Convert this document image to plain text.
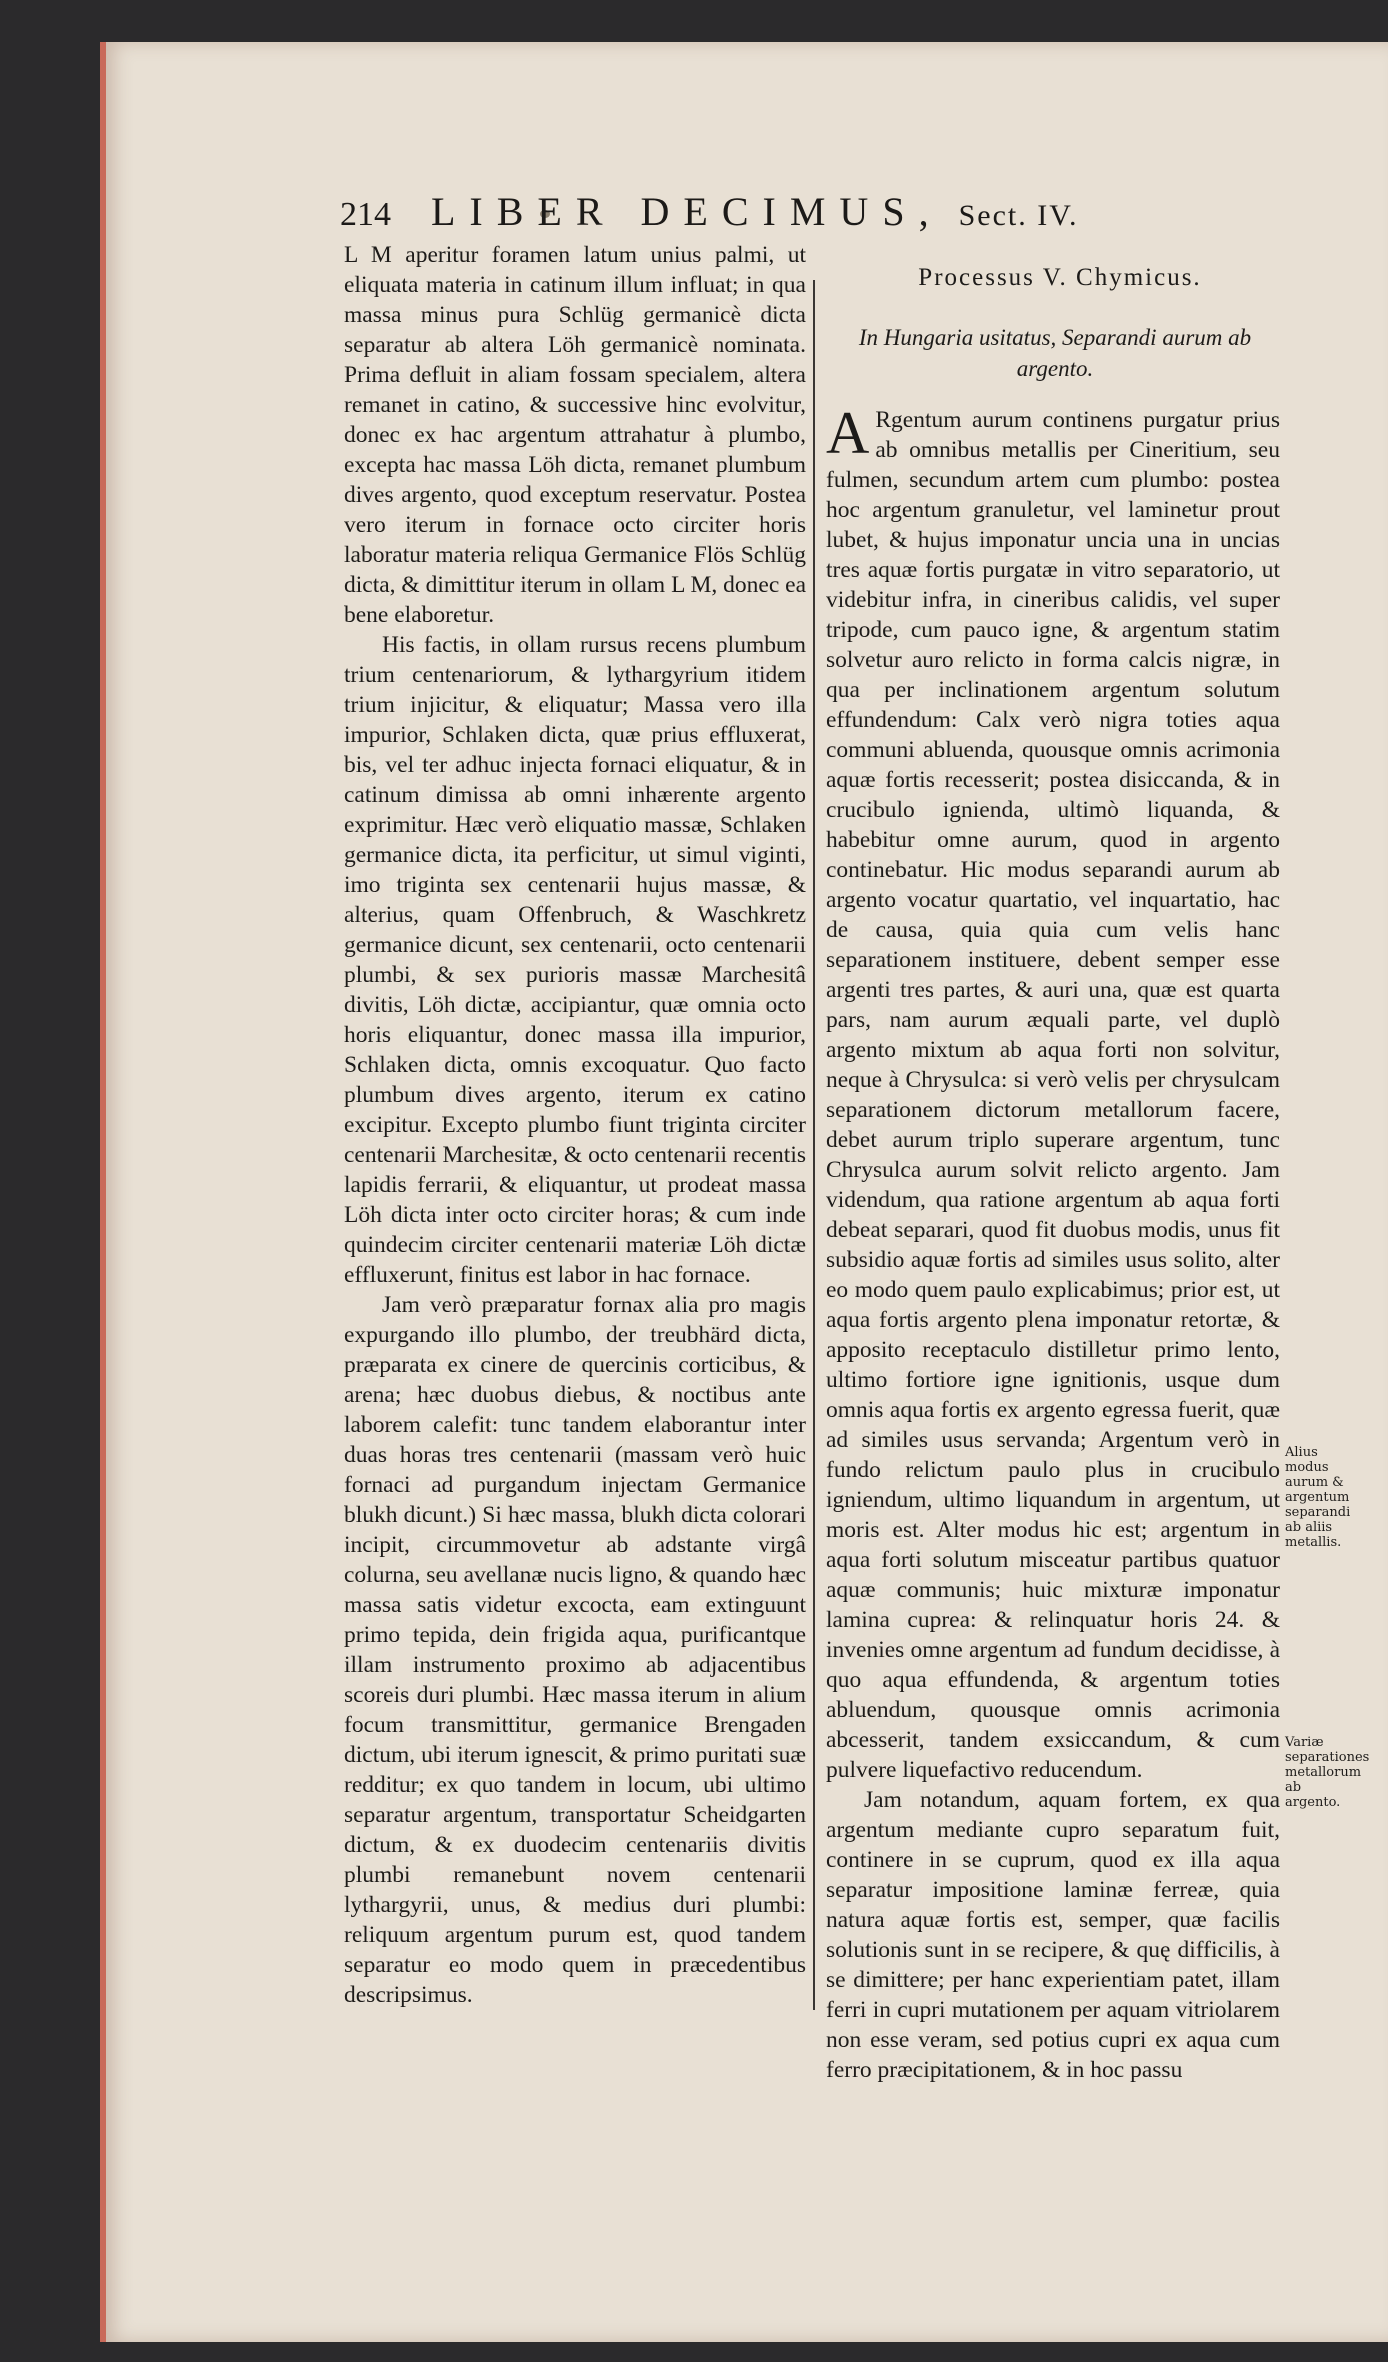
214 LIBER DECIMUS, Sect. IV.

L M aperitur foramen latum unius palmi, ut eliquata materia in catinum illum influat; in qua massa minus pura Schlüg germanicè dicta separatur ab altera Löh germanicè nominata. Prima defluit in aliam fossam specialem, altera remanet in catino, & successive hinc evolvitur, donec ex hac argentum attrahatur à plumbo, excepta hac massa Löh dicta, remanet plumbum dives argento, quod exceptum reservatur. Postea vero iterum in fornace octo circiter horis laboratur materia reliqua Germanice Flös Schlüg dicta, & dimittitur iterum in ollam L M, donec ea bene elaboretur.

His factis, in ollam rursus recens plumbum trium centenariorum, & lythargyrium itidem trium injicitur, & eliquatur; Massa vero illa impurior, Schlaken dicta, quæ prius effluxerat, bis, vel ter adhuc injecta fornaci eliquatur, & in catinum dimissa ab omni inhærente argento exprimitur. Hæc verò eliquatio massæ, Schlaken germanice dicta, ita perficitur, ut simul viginti, imo triginta sex centenarii hujus massæ, & alterius, quam Offenbruch, & Waschkretz germanice dicunt, sex centenarii, octo centenarii plumbi, & sex purioris massæ Marchesitâ divitis, Löh dictæ, accipiantur, quæ omnia octo horis eliquantur, donec massa illa impurior, Schlaken dicta, omnis excoquatur. Quo facto plumbum dives argento, iterum ex catino excipitur. Excepto plumbo fiunt triginta circiter centenarii Marchesitæ, & octo centenarii recentis lapidis ferrarii, & eliquantur, ut prodeat massa Löh dicta inter octo circiter horas; & cum inde quindecim circiter centenarii materiæ Löh dictæ effluxerunt, finitus est labor in hac fornace.

Jam verò præparatur fornax alia pro magis expurgando illo plumbo, der treubhärd dicta, præparata ex cinere de quercinis corticibus, & arena; hæc duobus diebus, & noctibus ante laborem calefit: tunc tandem elaborantur inter duas horas tres centenarii (massam verò huic fornaci ad purgandum injectam Germanice blukh dicunt.) Si hæc massa, blukh dicta colorari incipit, circummovetur ab adstante virgâ colurna, seu avellanæ nucis ligno, & quando hæc massa satis videtur excocta, eam extinguunt primo tepida, dein frigida aqua, purificantque illam instrumento proximo ab adjacentibus scoreis duri plumbi. Hæc massa iterum in alium focum transmittitur, germanice Brengaden dictum, ubi iterum ignescit, & primo puritati suæ redditur; ex quo tandem in locum, ubi ultimo separatur argentum, transportatur Scheidgarten dictum, & ex duodecim centenariis divitis plumbi remanebunt novem centenarii lythargyrii, unus, & medius duri plumbi: reliquum argentum purum est, quod tandem separatur eo modo quem in præcedentibus descripsimus.

Processus V. Chymicus.
In Hungaria usitatus, Separandi aurum ab argento.

A Rgentum aurum continens purgatur prius ab omnibus metallis per Cineritium, seu fulmen, secundum artem cum plumbo: postea hoc argentum granuletur, vel laminetur prout lubet, & hujus imponatur uncia una in uncias tres aquæ fortis purgatæ in vitro separatorio, ut videbitur infra, in cineribus calidis, vel super tripode, cum pauco igne, & argentum statim solvetur auro relicto in forma calcis nigræ, in qua per inclinationem argentum solutum effundendum: Calx verò nigra toties aqua communi abluenda, quousque omnis acrimonia aquæ fortis recesserit; postea disiccanda, & in crucibulo igniendа, ultimò liquanda, & habebitur omne aurum, quod in argento continebatur. Hic modus separandi aurum ab argento vocatur quartatio, vel inquartatio, hac de causa, quia quia cum velis hanc separationem instituere, debent semper esse argenti tres partes, & auri una, quæ est quarta pars, nam aurum æquali parte, vel duplò argento mixtum ab aqua forti non solvitur, neque à Chrysulca: si verò velis per chrysulcam separationem dictorum metallorum facere, debet aurum triplo superare argentum, tunc Chrysulca aurum solvit relicto argento. Jam videndum, qua ratione argentum ab aqua forti debeat separari, quod fit duobus modis, unus fit subsidio aquæ fortis ad similes usus solito, alter eo modo quem paulo explicabimus; prior est, ut aqua fortis argento plena imponatur retortæ, & apposito receptaculo distilletur primo lento, ultimo fortiore igne ignitionis, usque dum omnis aqua fortis ex argento egressa fuerit, quæ ad similes usus servanda; Argentum verò in fundo relictum paulo plus in crucibulo igniendum, ultimo liquandum in argentum, ut moris est. Alter modus hic est; argentum in aqua forti solutum misceatur partibus quatuor aquæ communis; huic mixturæ imponatur lamina cuprea: & relinquatur horis 24. & invenies omne argentum ad fundum decidisse, à quo aqua effundenda, & argentum toties abluendum, quousque omnis acrimonia abcesserit, tandem exsiccandum, & cum pulvere liquefactivo reducendum.

Jam notandum, aquam fortem, ex qua argentum mediante cupro separatum fuit, continere in se cuprum, quod ex illa aqua separatur impositione laminæ ferreæ, quia natura aquæ fortis est, semper, quæ facilis solutionis sunt in se recipere, & quę difficilis, à se dimittere; per hanc experientiam patet, illam ferri in cupri mutationem per aquam vitriolarem non esse veram, sed potius cupri ex aqua cum ferro præcipitationem, & in hoc passu

Alius modus aurum & argentum separandi ab aliis metallis.
Variæ separationes metallorum ab argento.
